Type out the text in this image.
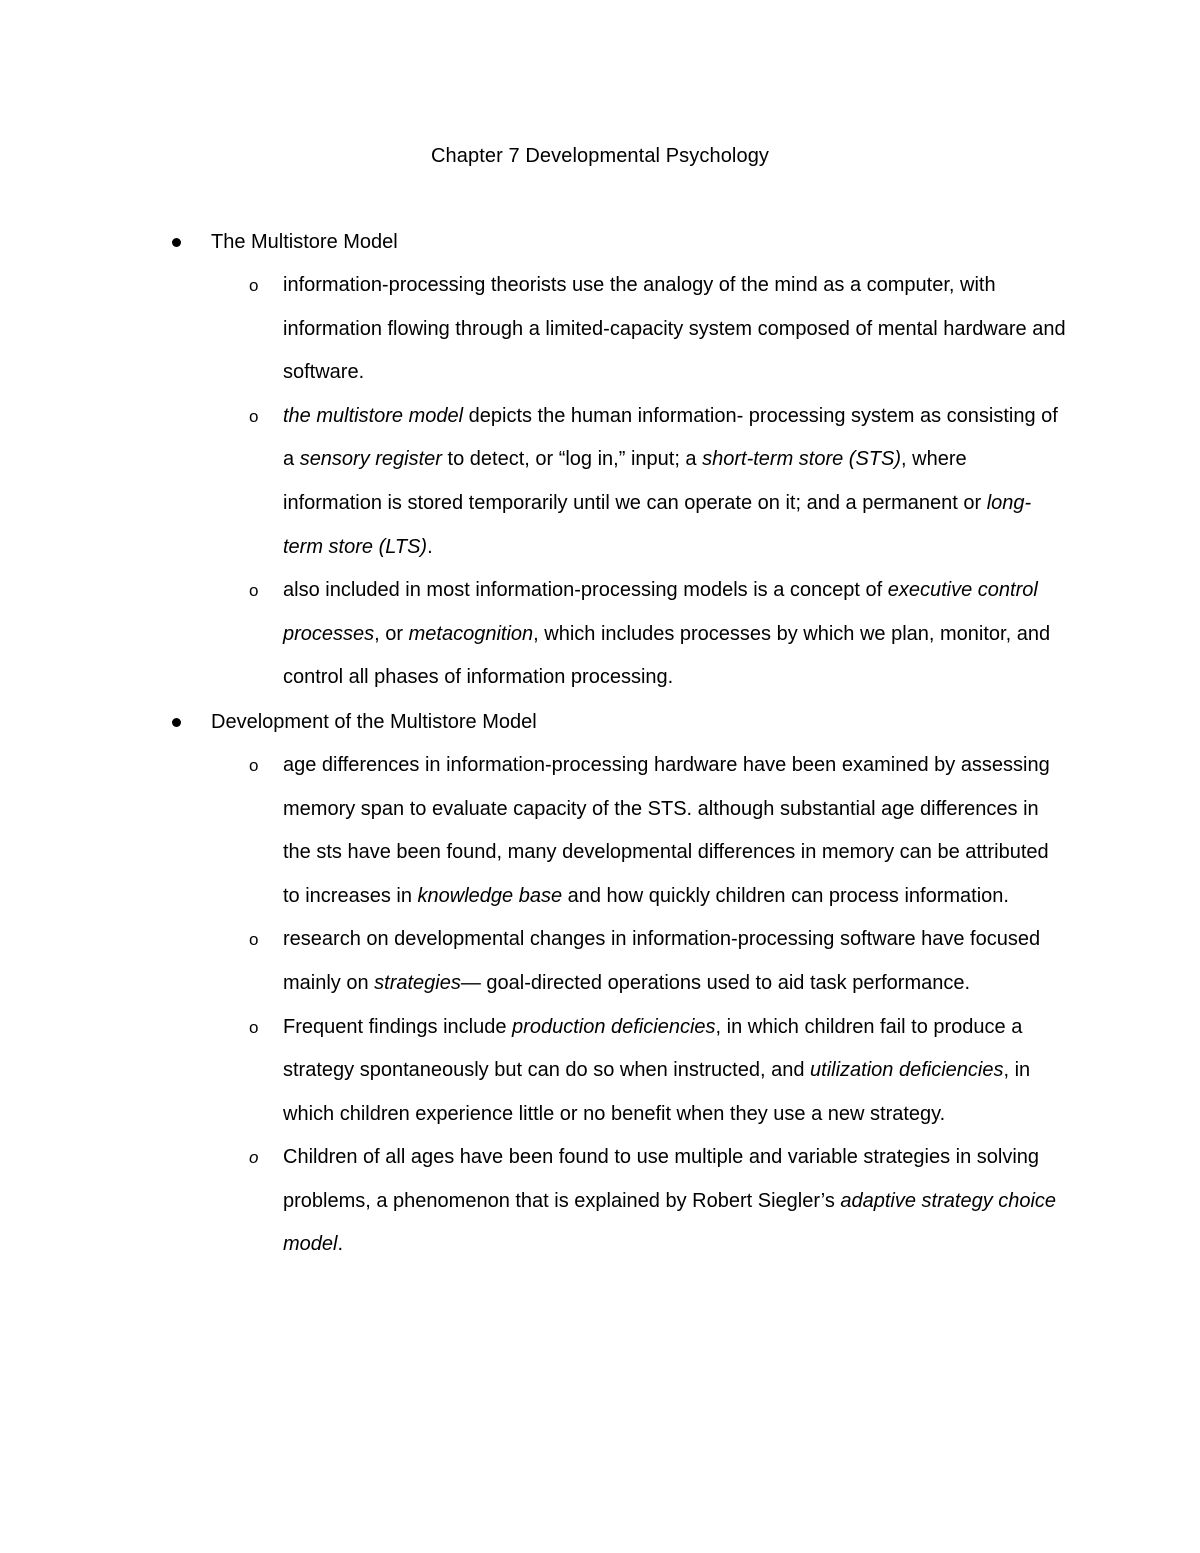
Chapter 7 Developmental Psychology
The Multistore Model
o information-processing theorists use the analogy of the mind as a computer, with information flowing through a limited-capacity system composed of mental hardware and software.
o the multistore model depicts the human information- processing system as consisting of a sensory register to detect, or “log in,” input; a short-term store (STS), where information is stored temporarily until we can operate on it; and a permanent or long-term store (LTS).
o also included in most information-processing models is a concept of executive control processes, or metacognition, which includes processes by which we plan, monitor, and control all phases of information processing.
Development of the Multistore Model
o age differences in information-processing hardware have been examined by assessing memory span to evaluate capacity of the STS. although substantial age differences in the sts have been found, many developmental differences in memory can be attributed to increases in knowledge base and how quickly children can process information.
o research on developmental changes in information-processing software have focused mainly on strategies— goal-directed operations used to aid task performance.
o Frequent findings include production deficiencies, in which children fail to produce a strategy spontaneously but can do so when instructed, and utilization deficiencies, in which children experience little or no benefit when they use a new strategy.
o Children of all ages have been found to use multiple and variable strategies in solving problems, a phenomenon that is explained by Robert Siegler’s adaptive strategy choice model.
